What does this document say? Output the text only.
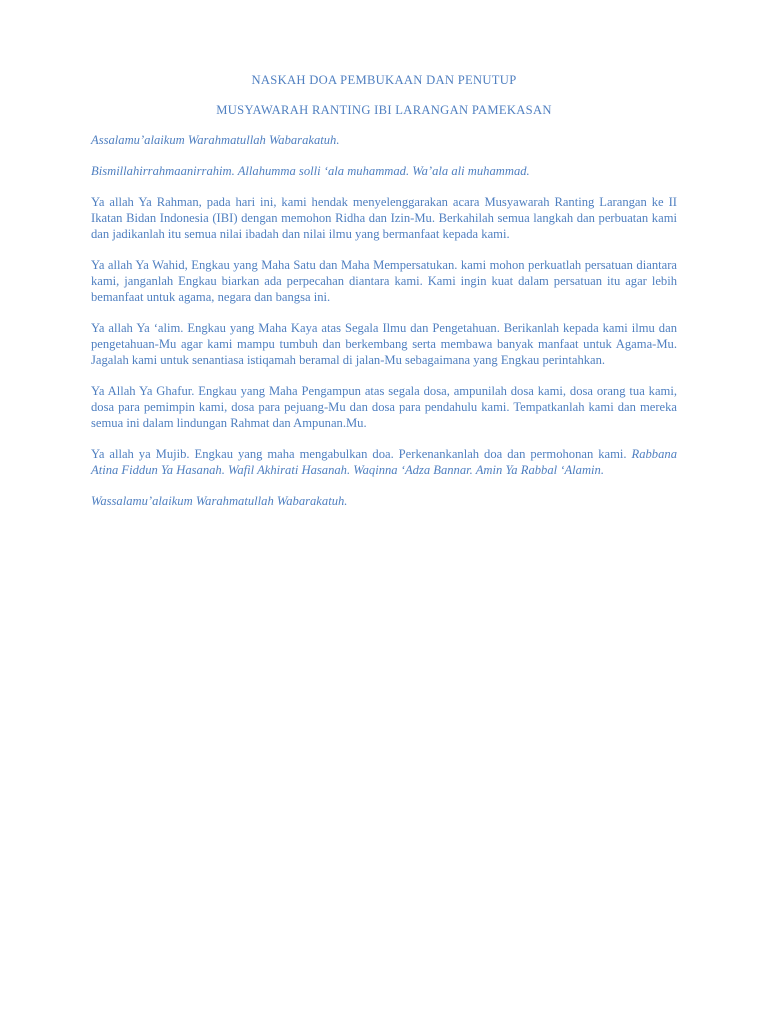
NASKAH DOA PEMBUKAAN DAN PENUTUP

MUSYAWARAH RANTING IBI LARANGAN PAMEKASAN

Assalamu’alaikum Warahmatullah Wabarakatuh.

Bismillahirrahmaanirrahim. Allahumma solli ‘ala muhammad. Wa’ala ali muhammad.

Ya allah Ya Rahman, pada hari ini, kami hendak menyelenggarakan acara Musyawarah Ranting Larangan ke II Ikatan Bidan Indonesia (IBI) dengan memohon Ridha dan Izin-Mu. Berkahilah semua langkah dan perbuatan kami dan jadikanlah itu semua nilai ibadah dan nilai ilmu yang bermanfaat kepada kami.

Ya allah Ya Wahid, Engkau yang Maha Satu dan Maha Mempersatukan. kami mohon perkuatlah persatuan diantara kami, janganlah Engkau biarkan ada perpecahan diantara kami. Kami ingin kuat dalam persatuan itu agar lebih bemanfaat untuk agama, negara dan bangsa ini.

Ya allah Ya ‘alim. Engkau yang Maha Kaya atas Segala Ilmu dan Pengetahuan. Berikanlah kepada kami ilmu dan pengetahuan-Mu agar kami mampu tumbuh dan berkembang serta membawa banyak manfaat untuk Agama-Mu. Jagalah kami untuk senantiasa istiqamah beramal di jalan-Mu sebagaimana yang Engkau perintahkan.

Ya Allah Ya Ghafur. Engkau yang Maha Pengampun atas segala dosa, ampunilah dosa kami, dosa orang tua kami, dosa para pemimpin kami, dosa para pejuang-Mu dan dosa para pendahulu kami. Tempatkanlah kami dan mereka semua ini dalam lindungan Rahmat dan Ampunan.Mu.

Ya allah ya Mujib. Engkau yang maha mengabulkan doa. Perkenankanlah doa dan permohonan kami. Rabbana Atina Fiddun Ya Hasanah. Wafil Akhirati Hasanah. Waqinna ‘Adza Bannar. Amin Ya Rabbal ‘Alamin.

Wassalamu’alaikum Warahmatullah Wabarakatuh.
